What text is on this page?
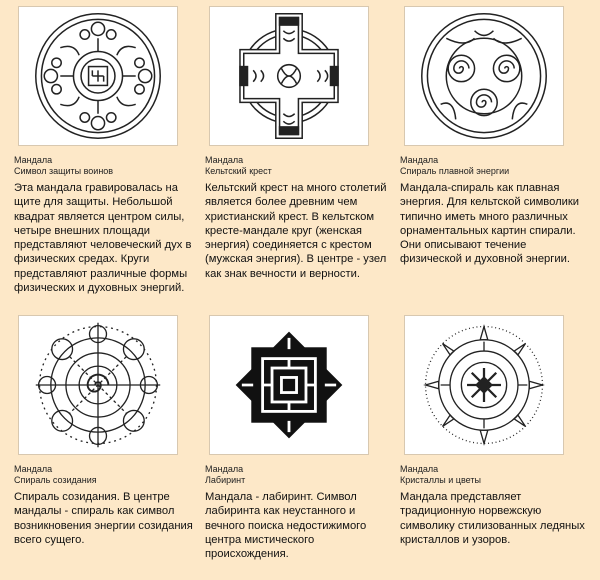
Мандала
Символ защиты воинов
Эта мандала гравировалась на щите для защиты. Небольшой квадрат является центром силы, четыре внешних площади представляют человеческий дух в физических средах. Круги представляют различные формы физических и духовных энергий.
Мандала
Кельтский крест
Кельтский крест на много столетий является более древним чем христианский крест. В кельтском кресте-мандале круг (женская энергия) соединяется с крестом (мужская энергия). В центре - узел как знак вечности и верности.
Мандала
Спираль плавной энергии
Мандала-спираль как плавная энергия. Для кельтской символики типично иметь много различных орнаментальных картин спирали. Они описывают течение физической и духовной энергии.
Мандала
Спираль созидания
Спираль созидания. В центре мандалы - спираль как символ возникновения энергии созидания всего сущего.
Мандала
Лабиринт
Мандала - лабиринт. Символ лабиринта как неустанного и вечного поиска недостижимого центра мистического происхождения.
Мандала
Кристаллы и цветы
Мандала представляет традиционную норвежскую символику стилизованных ледяных кристаллов и узоров.
